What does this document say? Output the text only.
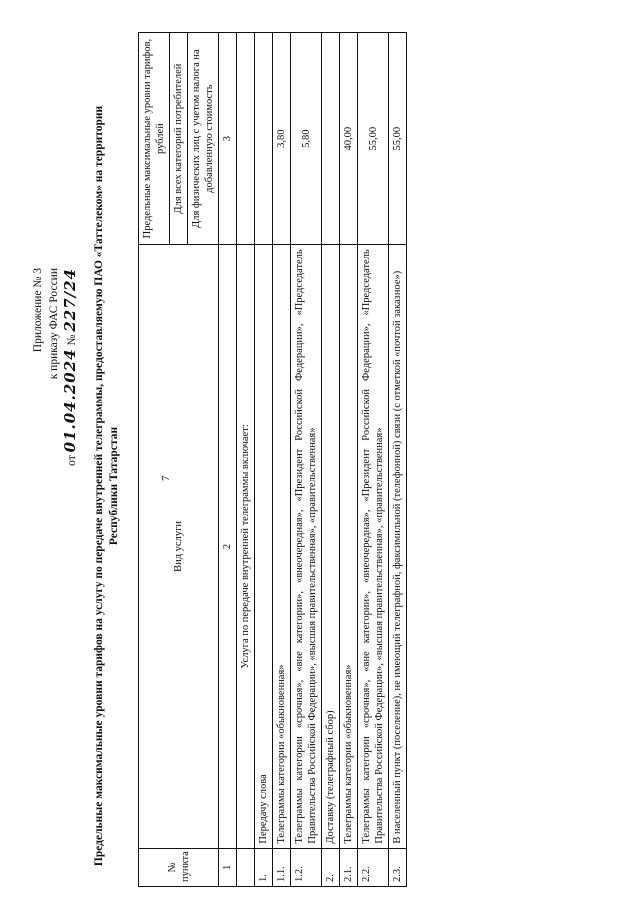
7
Приложение № 3 к приказу ФАС России
от 01.04.2024 № 227/24 Предельные максимальные уровни тарифов на услугу по передаче внутренней телеграммы, предоставляемую ПАО «Таттелеком» на территории Республики Татарстан
№ пункта	Вид услуги	Предельные максимальные уровни тарифов, рублей
		Для всех категорий потребителей
		Для физических лиц с учетом налога на добавленную стоимость
1	2	3
	Услуга по передаче внутренней телеграммы включает:	
1.	Передачу слова	
1.1.	Телеграммы категории «обыкновенная»	3,80
1.2.	Телеграммы категории «срочная», «вне категории», «внеочередная», «Президент Российской Федерации», «Председатель Правительства Российской Федерации», «высшая правительственная», «правительственная»	5,80
2.	Доставку (телеграфный сбор)	
2.1.	Телеграммы категории «обыкновенная»	40,00
2.2.	Телеграммы категории «срочная», «вне категории», «внеочередная», «Президент Российской Федерации», «Председатель Правительства Российской Федерации», «высшая правительственная», «правительственная»	55,00
2.3.	В населенный пункт (поселение), не имеющий телеграфной, факсимильной (телефонной) связи (с отметкой «почтой заказное»)	55,00
